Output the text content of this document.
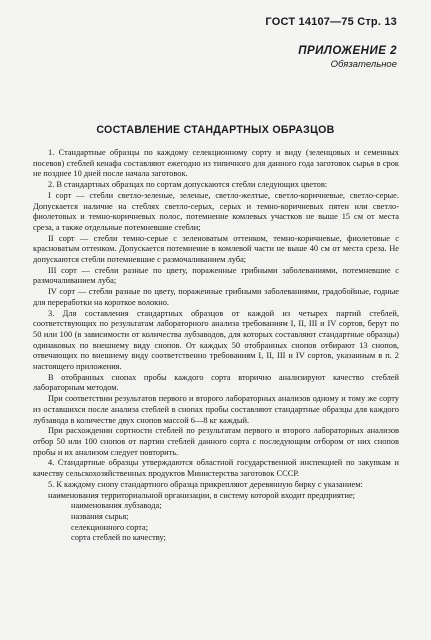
ГОСТ 14107—75 Стр. 13
ПРИЛОЖЕНИЕ 2
Обязательное
СОСТАВЛЕНИЕ СТАНДАРТНЫХ ОБРАЗЦОВ

1. Стандартные образцы по каждому селекционному сорту и виду (зеленцовых и семенных посевов) стеблей кенафа составляют ежегодно из типичного для данного года заготовок сырья в срок не позднее 10 дней после начала заготовок.

2. В стандартных образцах по сортам допускаются стебли следующих цветов:

I сорт — стебли светло-зеленые, зеленые, светло-желтые, светло-коричневые, светло-серые. Допускается наличие на стеблях светло-серых, серых и темно-коричневых пятен или светло-фиолетовых и темно-коричневых полос, потемнение комлевых участков не выше 15 см от места среза, а также отдельные потемневшие стебли;

II сорт — стебли темно-серые с зеленоватым оттенком, темно-коричневые, фиолетовые с красноватым оттенком. Допускается потемнение в комлевой части не выше 40 см от места среза. Не допускаются стебли потемневшие с размочаливанием луба;

III сорт — стебли разные по цвету, пораженные грибными заболеваниями, потемневшие с размочаливанием луба;

IV сорт — стебли разные по цвету, пораженные грибными заболеваниями, градобойные, годные для переработки на короткое волокно.

3. Для составления стандартных образцов от каждой из четырех партий стеблей, соответствующих по результатам лабораторного анализа требованиям I, II, III и IV сортов, берут по 50 или 100 (в зависимости от количества лубзаводов, для которых составляют стандартные образцы) одинаковых по внешнему виду снопов. От каждых 50 отобранных снопов отбирают 13 снопов, отвечающих по внешнему виду соответственно требованиям I, II, III и IV сортов, указанным в п. 2 настоящего приложения.

В отобранных снопах пробы каждого сорта вторично анализируют качество стеблей лабораторным методом.

При соответствии результатов первого и второго лабораторных анализов одному и тому же сорту из оставшихся после анализа стеблей в снопах пробы составляют стандартные образцы для каждого лубзавода в количестве двух снопов массой 6—8 кг каждый.

При расхождении сортности стеблей по результатам первого и второго лабораторных анализов отбор 50 или 100 снопов от партии стеблей данного сорта с последующим отбором от них снопов пробы и их анализом следует повторить.

4. Стандартные образцы утверждаются областной государственной инспекцией по закупкам и качеству сельскохозяйственных продуктов Министерства заготовок СССР.

5. К каждому снопу стандартного образца прикрепляют деревянную бирку с указанием:

наименования территориальной организации, в систему которой входит предприятие;

наименования лубзавода;

названия сырья;

селекционного сорта;

сорта стеблей по качеству;
